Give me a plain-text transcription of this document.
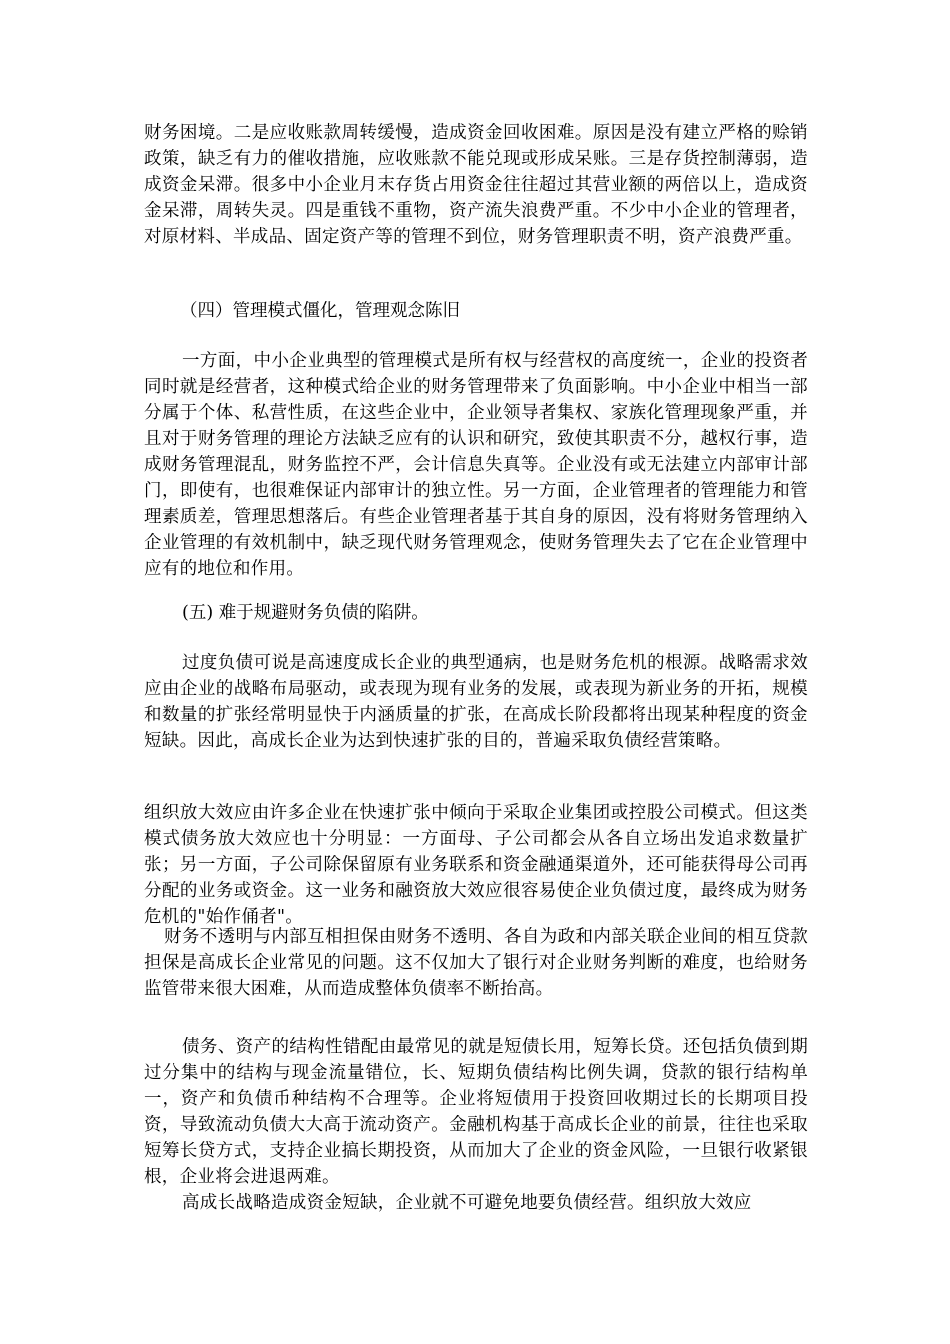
财务困境。二是应收账款周转缓慢，造成资金回收困难。原因是没有建立严格的赊销政策，缺乏有力的催收措施，应收账款不能兑现或形成呆账。三是存货控制薄弱，造成资金呆滞。很多中小企业月末存货占用资金往往超过其营业额的两倍以上，造成资金呆滞，周转失灵。四是重钱不重物，资产流失浪费严重。不少中小企业的管理者，对原材料、半成品、固定资产等的管理不到位，财务管理职责不明，资产浪费严重。

（四）管理模式僵化，管理观念陈旧

一方面，中小企业典型的管理模式是所有权与经营权的高度统一，企业的投资者同时就是经营者，这种模式给企业的财务管理带来了负面影响。中小企业中相当一部分属于个体、私营性质，在这些企业中，企业领导者集权、家族化管理现象严重，并且对于财务管理的理论方法缺乏应有的认识和研究，致使其职责不分，越权行事，造成财务管理混乱，财务监控不严，会计信息失真等。企业没有或无法建立内部审计部门，即使有，也很难保证内部审计的独立性。另一方面，企业管理者的管理能力和管理素质差，管理思想落后。有些企业管理者基于其自身的原因，没有将财务管理纳入企业管理的有效机制中，缺乏现代财务管理观念，使财务管理失去了它在企业管理中应有的地位和作用。

(五) 难于规避财务负债的陷阱。

过度负债可说是高速度成长企业的典型通病，也是财务危机的根源。战略需求效应由企业的战略布局驱动，或表现为现有业务的发展，或表现为新业务的开拓，规模和数量的扩张经常明显快于内涵质量的扩张，在高成长阶段都将出现某种程度的资金短缺。因此，高成长企业为达到快速扩张的目的，普遍采取负债经营策略。

组织放大效应由许多企业在快速扩张中倾向于采取企业集团或控股公司模式。但这类模式债务放大效应也十分明显：一方面母、子公司都会从各自立场出发追求数量扩张；另一方面，子公司除保留原有业务联系和资金融通渠道外，还可能获得母公司再分配的业务或资金。这一业务和融资放大效应很容易使企业负债过度，最终成为财务危机的"始作俑者"。

财务不透明与内部互相担保由财务不透明、各自为政和内部关联企业间的相互贷款担保是高成长企业常见的问题。这不仅加大了银行对企业财务判断的难度，也给财务监管带来很大困难，从而造成整体负债率不断抬高。

债务、资产的结构性错配由最常见的就是短债长用，短筹长贷。还包括负债到期过分集中的结构与现金流量错位，长、短期负债结构比例失调，贷款的银行结构单一，资产和负债币种结构不合理等。企业将短债用于投资回收期过长的长期项目投资，导致流动负债大大高于流动资产。金融机构基于高成长企业的前景，往往也采取短筹长贷方式，支持企业搞长期投资，从而加大了企业的资金风险，一旦银行收紧银根，企业将会进退两难。

高成长战略造成资金短缺，企业就不可避免地要负债经营。组织放大效应
